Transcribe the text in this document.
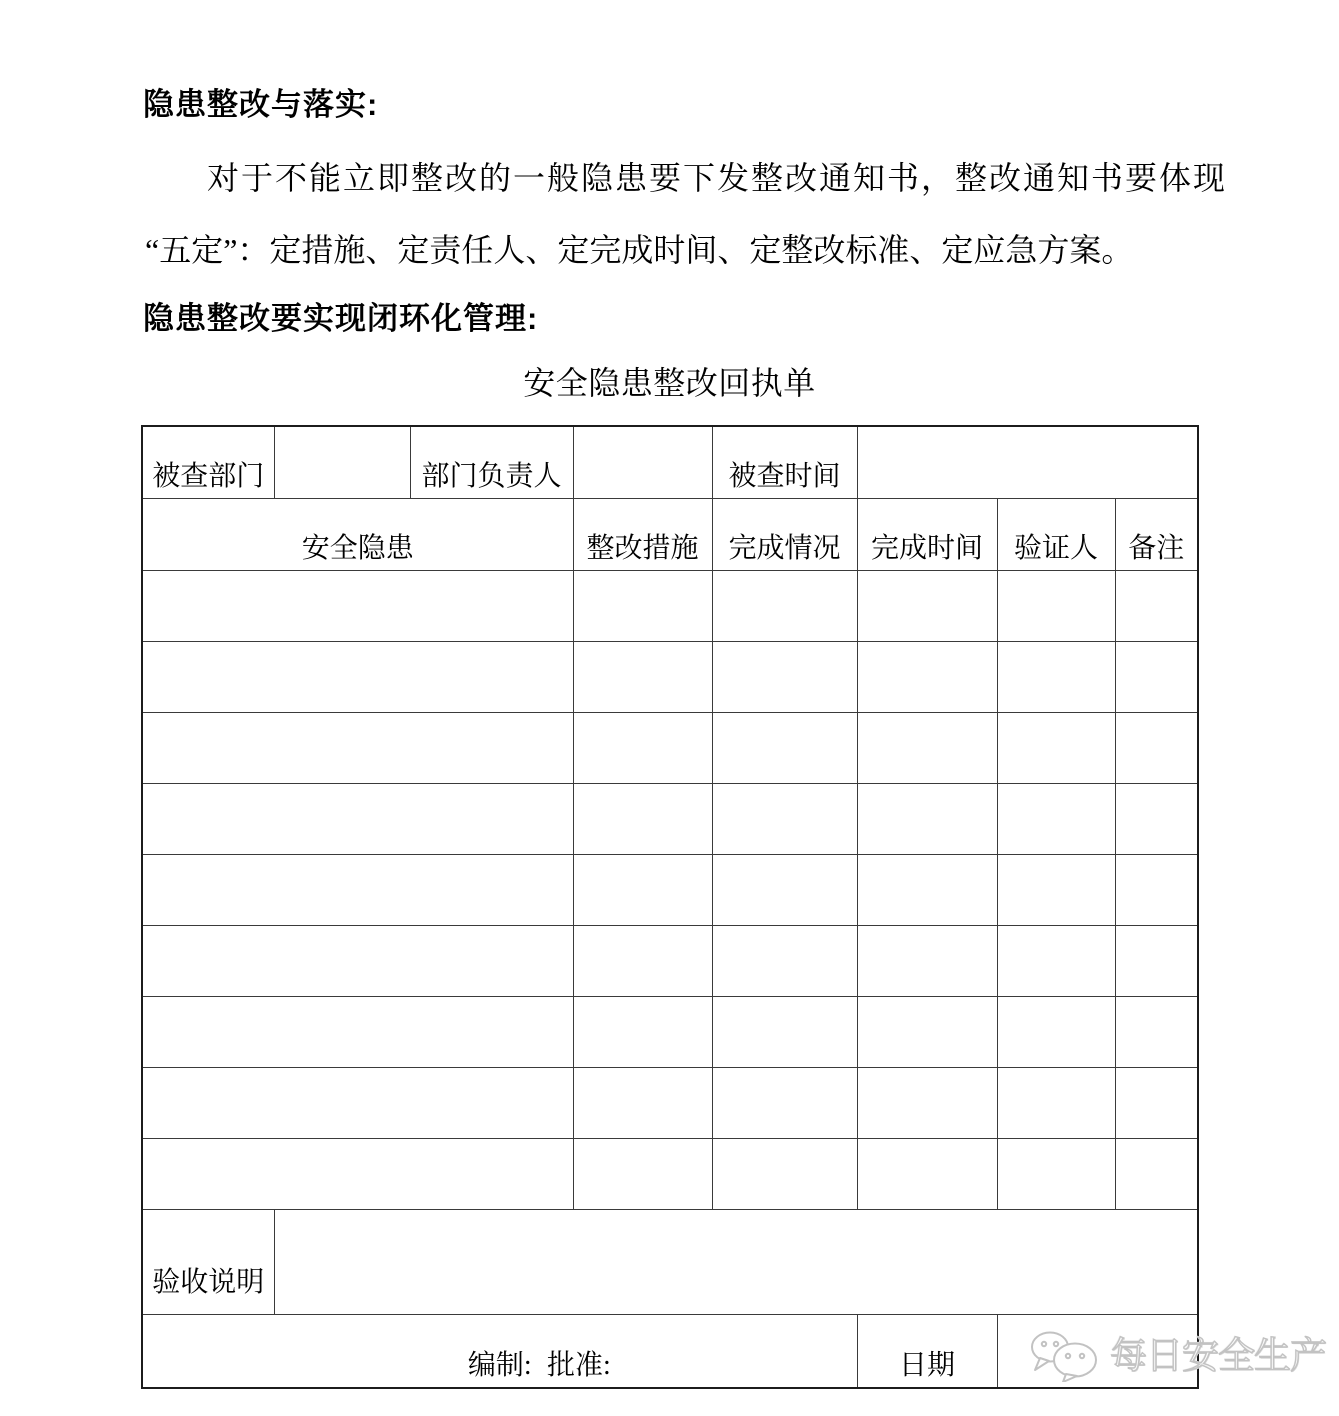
隐患整改与落实:
对于不能立即整改的一般隐患要下发整改通知书，整改通知书要体现
“五定”：定措施、定责任人、定完成时间、定整改标准、定应急方案。
隐患整改要实现闭环化管理:
安全隐患整改回执单
被查部门		部门负责人		被查时间			
安全隐患			整改措施	完成情况	完成时间	验证人	备注

验收说明							
编制: 批准:					日期			每日安全生产
